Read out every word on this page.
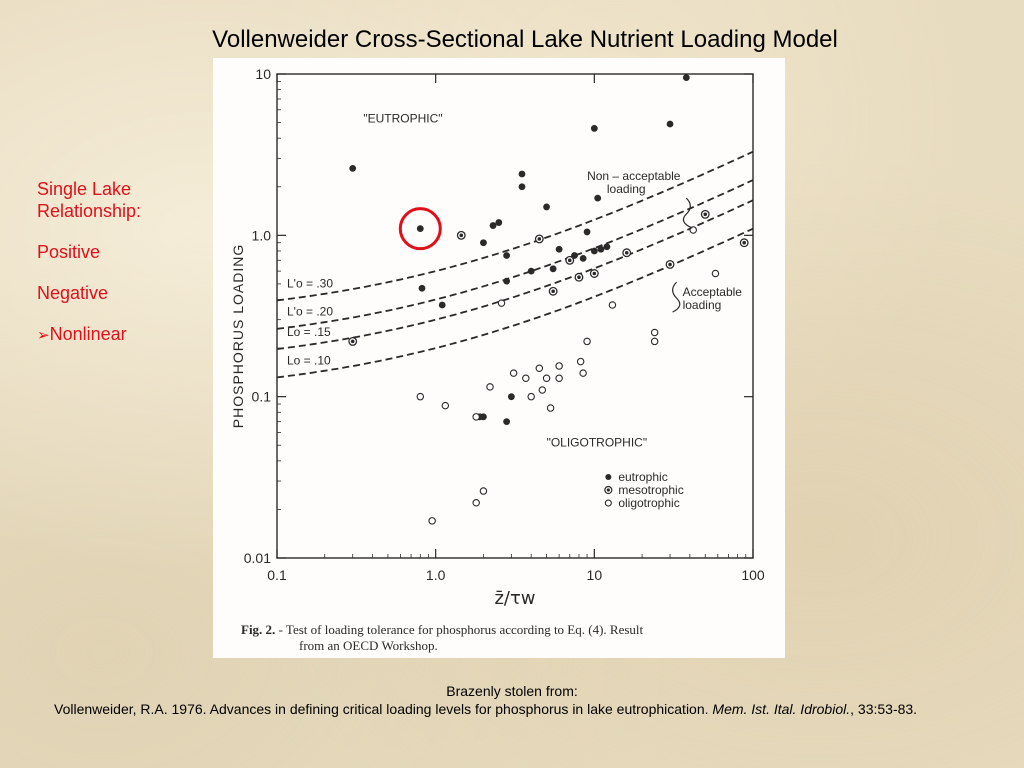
Vollenweider Cross-Sectional Lake Nutrient Loading Model
Single Lake
Relationship:
Positive
Negative
➢Nonlinear
0.1	1.0	10	100
0.01
0.1
1.0
10
PHOSPHORUS LOADING
z̄/τw
L'o = .30
L'o = .20
Lo = .15
Lo = .10
"EUTROPHIC"
"OLIGOTROPHIC"
Non – acceptable
loading
Acceptable
loading
eutrophic
mesotrophic
oligotrophic
Fig. 2. - Test of loading tolerance for phosphorus according to Eq. (4). Result
from an OECD Workshop.
Brazenly stolen from:
Vollenweider, R.A. 1976. Advances in defining critical loading levels for phosphorus in lake eutrophication. Mem. Ist. Ital. Idrobiol., 33:53-83.
